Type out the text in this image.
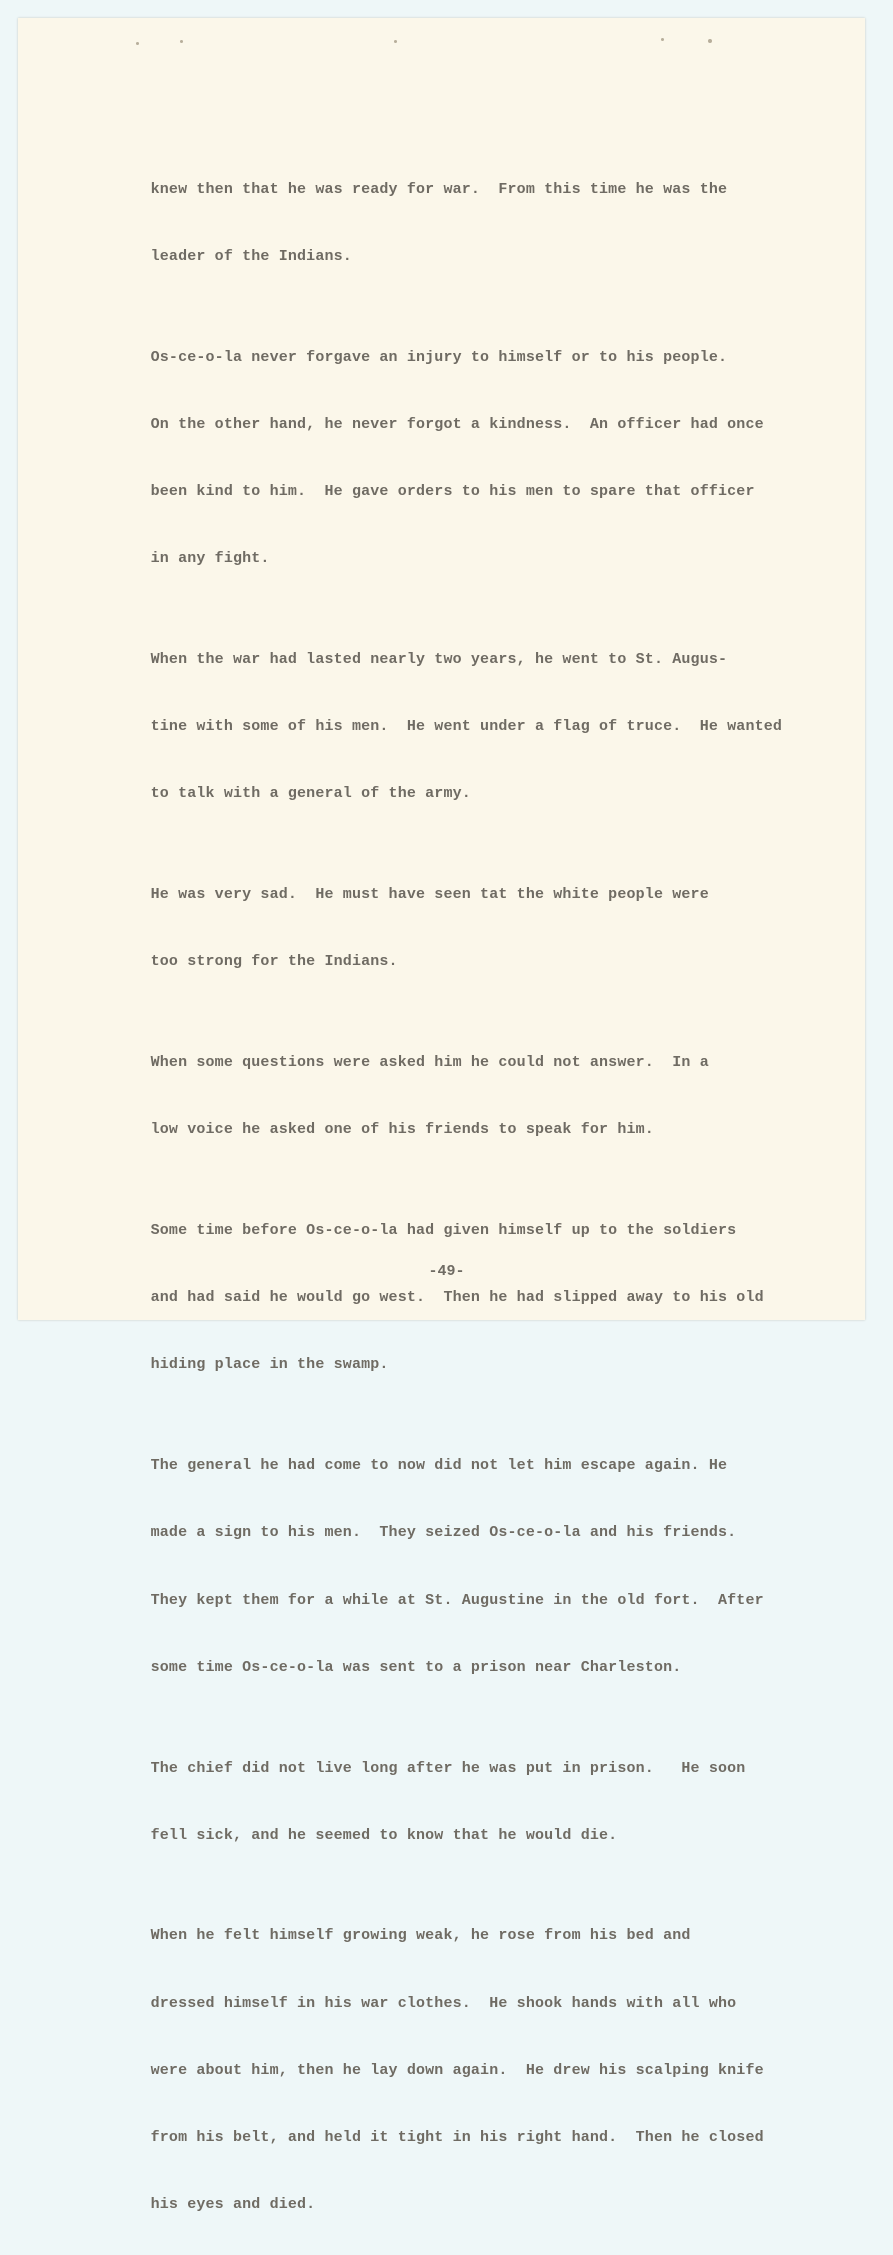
knew then that he was ready for war.  From this time he was the

leader of the Indians.

Os-ce-o-la never forgave an injury to himself or to his people.

On the other hand, he never forgot a kindness.  An officer had once

been kind to him.  He gave orders to his men to spare that officer

in any fight.

When the war had lasted nearly two years, he went to St. Augus-

tine with some of his men.  He went under a flag of truce.  He wanted

to talk with a general of the army.

He was very sad.  He must have seen tat the white people were

too strong for the Indians.

When some questions were asked him he could not answer.  In a

low voice he asked one of his friends to speak for him.

Some time before Os-ce-o-la had given himself up to the soldiers

and had said he would go west.  Then he had slipped away to his old

hiding place in the swamp.

The general he had come to now did not let him escape again. He

made a sign to his men.  They seized Os-ce-o-la and his friends.

They kept them for a while at St. Augustine in the old fort.  After

some time Os-ce-o-la was sent to a prison near Charleston.

The chief did not live long after he was put in prison.   He soon

fell sick, and he seemed to know that he would die.

When he felt himself growing weak, he rose from his bed and

dressed himself in his war clothes.  He shook hands with all who

were about him, then he lay down again.  He drew his scalping knife

from his belt, and held it tight in his right hand.  Then he closed

his eyes and died.

-49-
